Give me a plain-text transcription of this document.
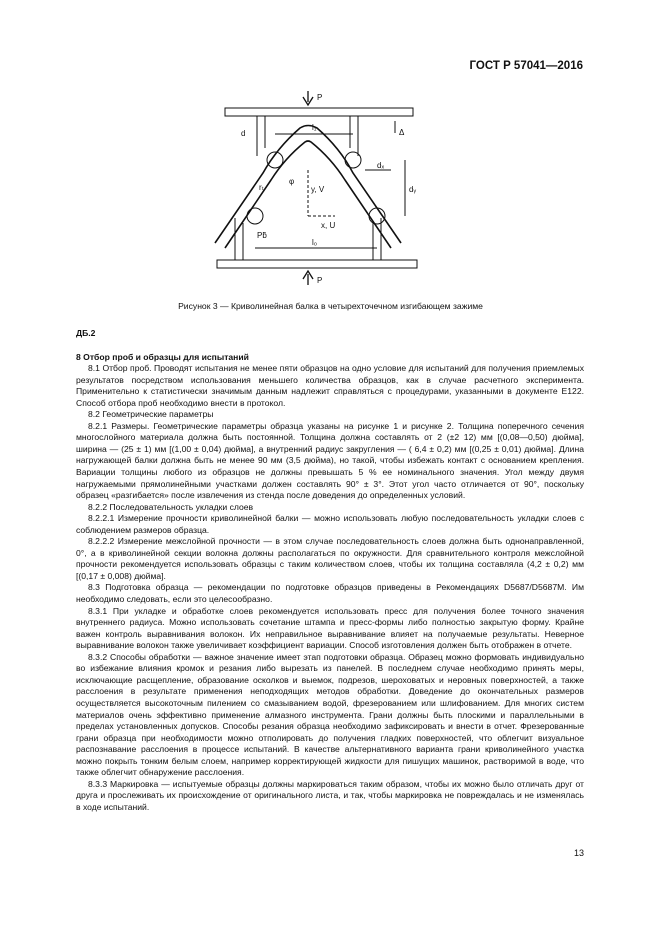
ГОСТ Р 57041—2016
P
P
Δ
l₁
l₀
d
dₓ
dᵧ
φ
y, V
x, U
Pƃ
rₜ
Рисунок 3 — Криволинейная балка в четырехточечном изгибающем зажиме

ДБ.2

8 Отбор проб и образцы для испытаний

8.1 Отбор проб. Проводят испытания не менее пяти образцов на одно условие для испытаний для получения приемлемых результатов посредством использования меньшего количества образцов, как в случае расчетного эксперимента. Применительно к статистически значимым данным надлежит справляться с процедурами, указанными в документе E122. Способ отбора проб необходимо внести в протокол.

8.2 Геометрические параметры

8.2.1 Размеры. Геометрические параметры образца указаны на рисунке 1 и рисунке 2. Толщина поперечного сечения многослойного материала должна быть постоянной. Толщина должна составлять от 2 (±2 12) мм [(0,08—0,50) дюйма], ширина — (25 ± 1) мм [(1,00 ± 0,04) дюйма], а внутренний радиус закругления — ( 6,4 ± 0,2) мм [(0,25 ± 0,01) дюйма]. Длина нагружающей балки должна быть не менее 90 мм (3,5 дюйма), но такой, чтобы избежать контакт с основанием крепления. Вариации толщины любого из образцов не должны превышать 5 % ее номинального значения. Угол между двумя нагружаемыми прямолинейными участками должен составлять 90° ± 3°. Этот угол часто отличается от 90°, поскольку образец «разгибается» после извлечения из стенда после доведения до определенных условий.

8.2.2 Последовательность укладки слоев

8.2.2.1 Измерение прочности криволинейной балки — можно использовать любую последовательность укладки слоев с соблюдением размеров образца.

8.2.2.2 Измерение межслойной прочности — в этом случае последовательность слоев должна быть однонаправленной, 0°, а в криволинейной секции волокна должны располагаться по окружности. Для сравнительного контроля межслойной прочности рекомендуется использовать образцы с таким количеством слоев, чтобы их толщина составляла (4,2 ± 0,2) мм [(0,17 ± 0,008) дюйма].

8.3 Подготовка образца — рекомендации по подготовке образцов приведены в Рекомендациях D5687/D5687M. Им необходимо следовать, если это целесообразно.

8.3.1 При укладке и обработке слоев рекомендуется использовать пресс для получения более точного значения внутреннего радиуса. Можно использовать сочетание штампа и пресс-формы либо полностью закрытую форму. Крайне важен контроль выравнивания волокон. Их неправильное выравнивание влияет на получаемые результаты. Неверное выравнивание волокон также увеличивает коэффициент вариации. Способ изготовления должен быть отображен в отчете.

8.3.2 Способы обработки — важное значение имеет этап подготовки образца. Образец можно формовать индивидуально во избежание влияния кромок и резания либо вырезать из панелей. В последнем случае необходимо принять меры, исключающие расщепление, образование осколков и выемок, подрезов, шероховатых и неровных поверхностей, а также расслоения в результате применения неподходящих методов обработки. Доведение до окончательных размеров осуществляется высокоточным пилением со смазыванием водой, фрезерованием или шлифованием. Для многих систем материалов очень эффективно применение алмазного инструмента. Грани должны быть плоскими и параллельными в пределах установленных допусков. Способы резания образца необходимо зафиксировать и внести в отчет. Фрезерованные грани образца при необходимости можно отполировать до получения гладких поверхностей, что облегчит визуальное распознавание расслоения в процессе испытаний. В качестве альтернативного варианта грани криволинейного участка можно покрыть тонким белым слоем, например корректирующей жидкости для пишущих машинок, растворимой в воде, что также облегчит обнаружение расслоения.

8.3.3 Маркировка — испытуемые образцы должны маркироваться таким образом, чтобы их можно было отличать друг от друга и прослеживать их происхождение от оригинального листа, и так, чтобы маркировка не повреждалась и не изменялась в ходе испытаний.

13
